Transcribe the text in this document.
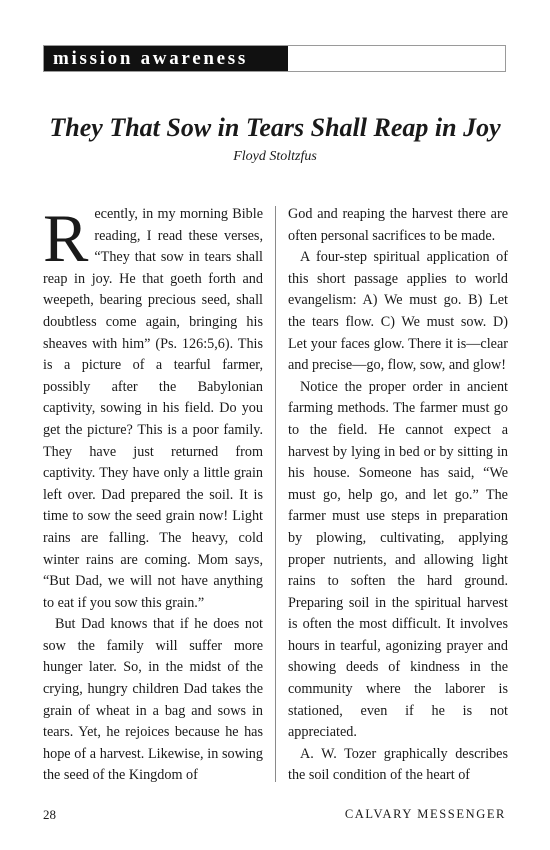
mission awareness
They That Sow in Tears Shall Reap in Joy
Floyd Stoltzfus

Recently, in my morning Bible reading, I read these verses, “They that sow in tears shall reap in joy. He that goeth forth and weepeth, bearing precious seed, shall doubtless come again, bringing his sheaves with him” (Ps. 126:5,6). This is a picture of a tearful farmer, possibly after the Babylonian captivity, sowing in his field. Do you get the picture? This is a poor family. They have just returned from captivity. They have only a little grain left over. Dad prepared the soil. It is time to sow the seed grain now! Light rains are falling. The heavy, cold winter rains are coming. Mom says, “But Dad, we will not have anything to eat if you sow this grain.”

But Dad knows that if he does not sow the family will suffer more hunger later. So, in the midst of the crying, hungry children Dad takes the grain of wheat in a bag and sows in tears. Yet, he rejoices because he has hope of a harvest. Likewise, in sowing the seed of the Kingdom of

God and reaping the harvest there are often personal sacrifices to be made.

A four-step spiritual application of this short passage applies to world evangelism: A) We must go. B) Let the tears flow. C) We must sow. D) Let your faces glow. There it is—clear and precise—go, flow, sow, and glow!

Notice the proper order in ancient farming methods. The farmer must go to the field. He cannot expect a harvest by lying in bed or by sitting in his house. Someone has said, “We must go, help go, and let go.” The farmer must use steps in preparation by plowing, cultivating, applying proper nutrients, and allowing light rains to soften the hard ground. Preparing soil in the spiritual harvest is often the most difficult. It involves hours in tearful, agonizing prayer and showing deeds of kindness in the community where the laborer is stationed, even if he is not appreciated.

A. W. Tozer graphically describes the soil condition of the heart of

28	CALVARY MESSENGER
